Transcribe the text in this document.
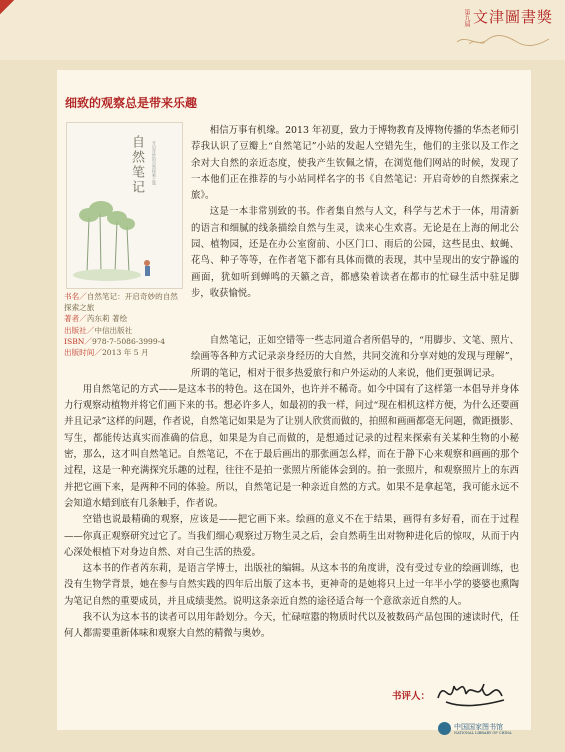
第九屆 文津圖書獎
细致的观察总是带来乐趣
自然笔记	开启奇妙的自然探索之旅
书名／自然笔记：开启奇妙的自然探索之旅
著者／芮东莉 著绘
出版社／中信出版社
ISBN／978-7-5086-3999-4
出版时间／2013 年 5 月

相信万事有机缘。2013 年初夏，致力于博物教育及博物传播的华杰老师引荐我认识了豆瓣上“自然笔记”小站的发起人空错先生，他们的主张以及工作之余对大自然的亲近态度，使我产生钦佩之情，在浏览他们网站的时候，发现了一本他们正在推荐的与小站同样名字的书《自然笔记：开启奇妙的自然探索之旅》。

这是一本非常别致的书。作者集自然与人文，科学与艺术于一体，用清新的语言和细腻的线条描绘自然与生灵，读来心生欢喜。无论是在上海的闸北公园、植物园，还是在办公室窗前、小区门口、雨后的公园，这些昆虫、蚊蝇、花鸟、种子等等，在作者笔下都有具体而微的表现，其中呈现出的安宁静谧的画面，犹如听到蝉鸣的天籁之音，都感染着读者在都市的忙碌生活中驻足脚步，收获愉悦。

自然笔记，正如空错等一些志同道合者所倡导的，“用脚步、文笔、照片、绘画等各种方式记录亲身经历的大自然，共同交流和分享对她的发现与理解”，所谓的笔记，相对于很多热爱旅行和户外运动的人来说，他们更强调记录。

用自然笔记的方式——是这本书的特色。这在国外，也许并不稀奇。如今中国有了这样第一本倡导并身体力行观察动植物并将它们画下来的书。想必许多人，如最初的我一样，问过“现在相机这样方便，为什么还要画并且记录”这样的问题，作者说，自然笔记如果是为了让别人欣赏而做的，拍照和画画都毫无问题，微距摄影、写生，都能传达真实而准确的信息，如果是为自己而做的，是想通过记录的过程来探索有关某种生物的小秘密，那么，这才叫自然笔记。自然笔记，不在于最后画出的那张画怎么样，而在于静下心来观察和画画的那个过程，这是一种充满探究乐趣的过程，往往不是拍一张照片所能体会到的。拍一张照片，和观察照片上的东西并把它画下来，是两种不同的体验。所以，自然笔记是一种亲近自然的方式。如果不是拿起笔，我可能永远不会知道水蜡到底有几条触手，作者说。

空错也说最精确的观察，应该是——把它画下来。绘画的意义不在于结果，画得有多好看，而在于过程——你真正观察研究过它了。当我们细心观察过万物生灵之后，会自然萌生出对物种进化后的惊叹，从而于内心深处根植下对身边自然、对自己生活的热爱。

这本书的作者芮东莉，是语言学博士，出版社的编辑。从这本书的角度讲，没有受过专业的绘画训练，也没有生物学背景，她在参与自然实践的四年后出版了这本书，更神奇的是她将只上过一年半小学的婆婆也熏陶为笔记自然的重要成员，并且成绩斐然。说明这条亲近自然的途径适合每一个意欲亲近自然的人。

我不认为这本书的读者可以用年龄划分。今天，忙碌喧嚣的物质时代以及被数码产品包围的速读时代，任何人都需要重新体味和观察大自然的精微与奥妙。

书评人：
中国国家图书馆
NATIONAL LIBRARY OF CHINA
